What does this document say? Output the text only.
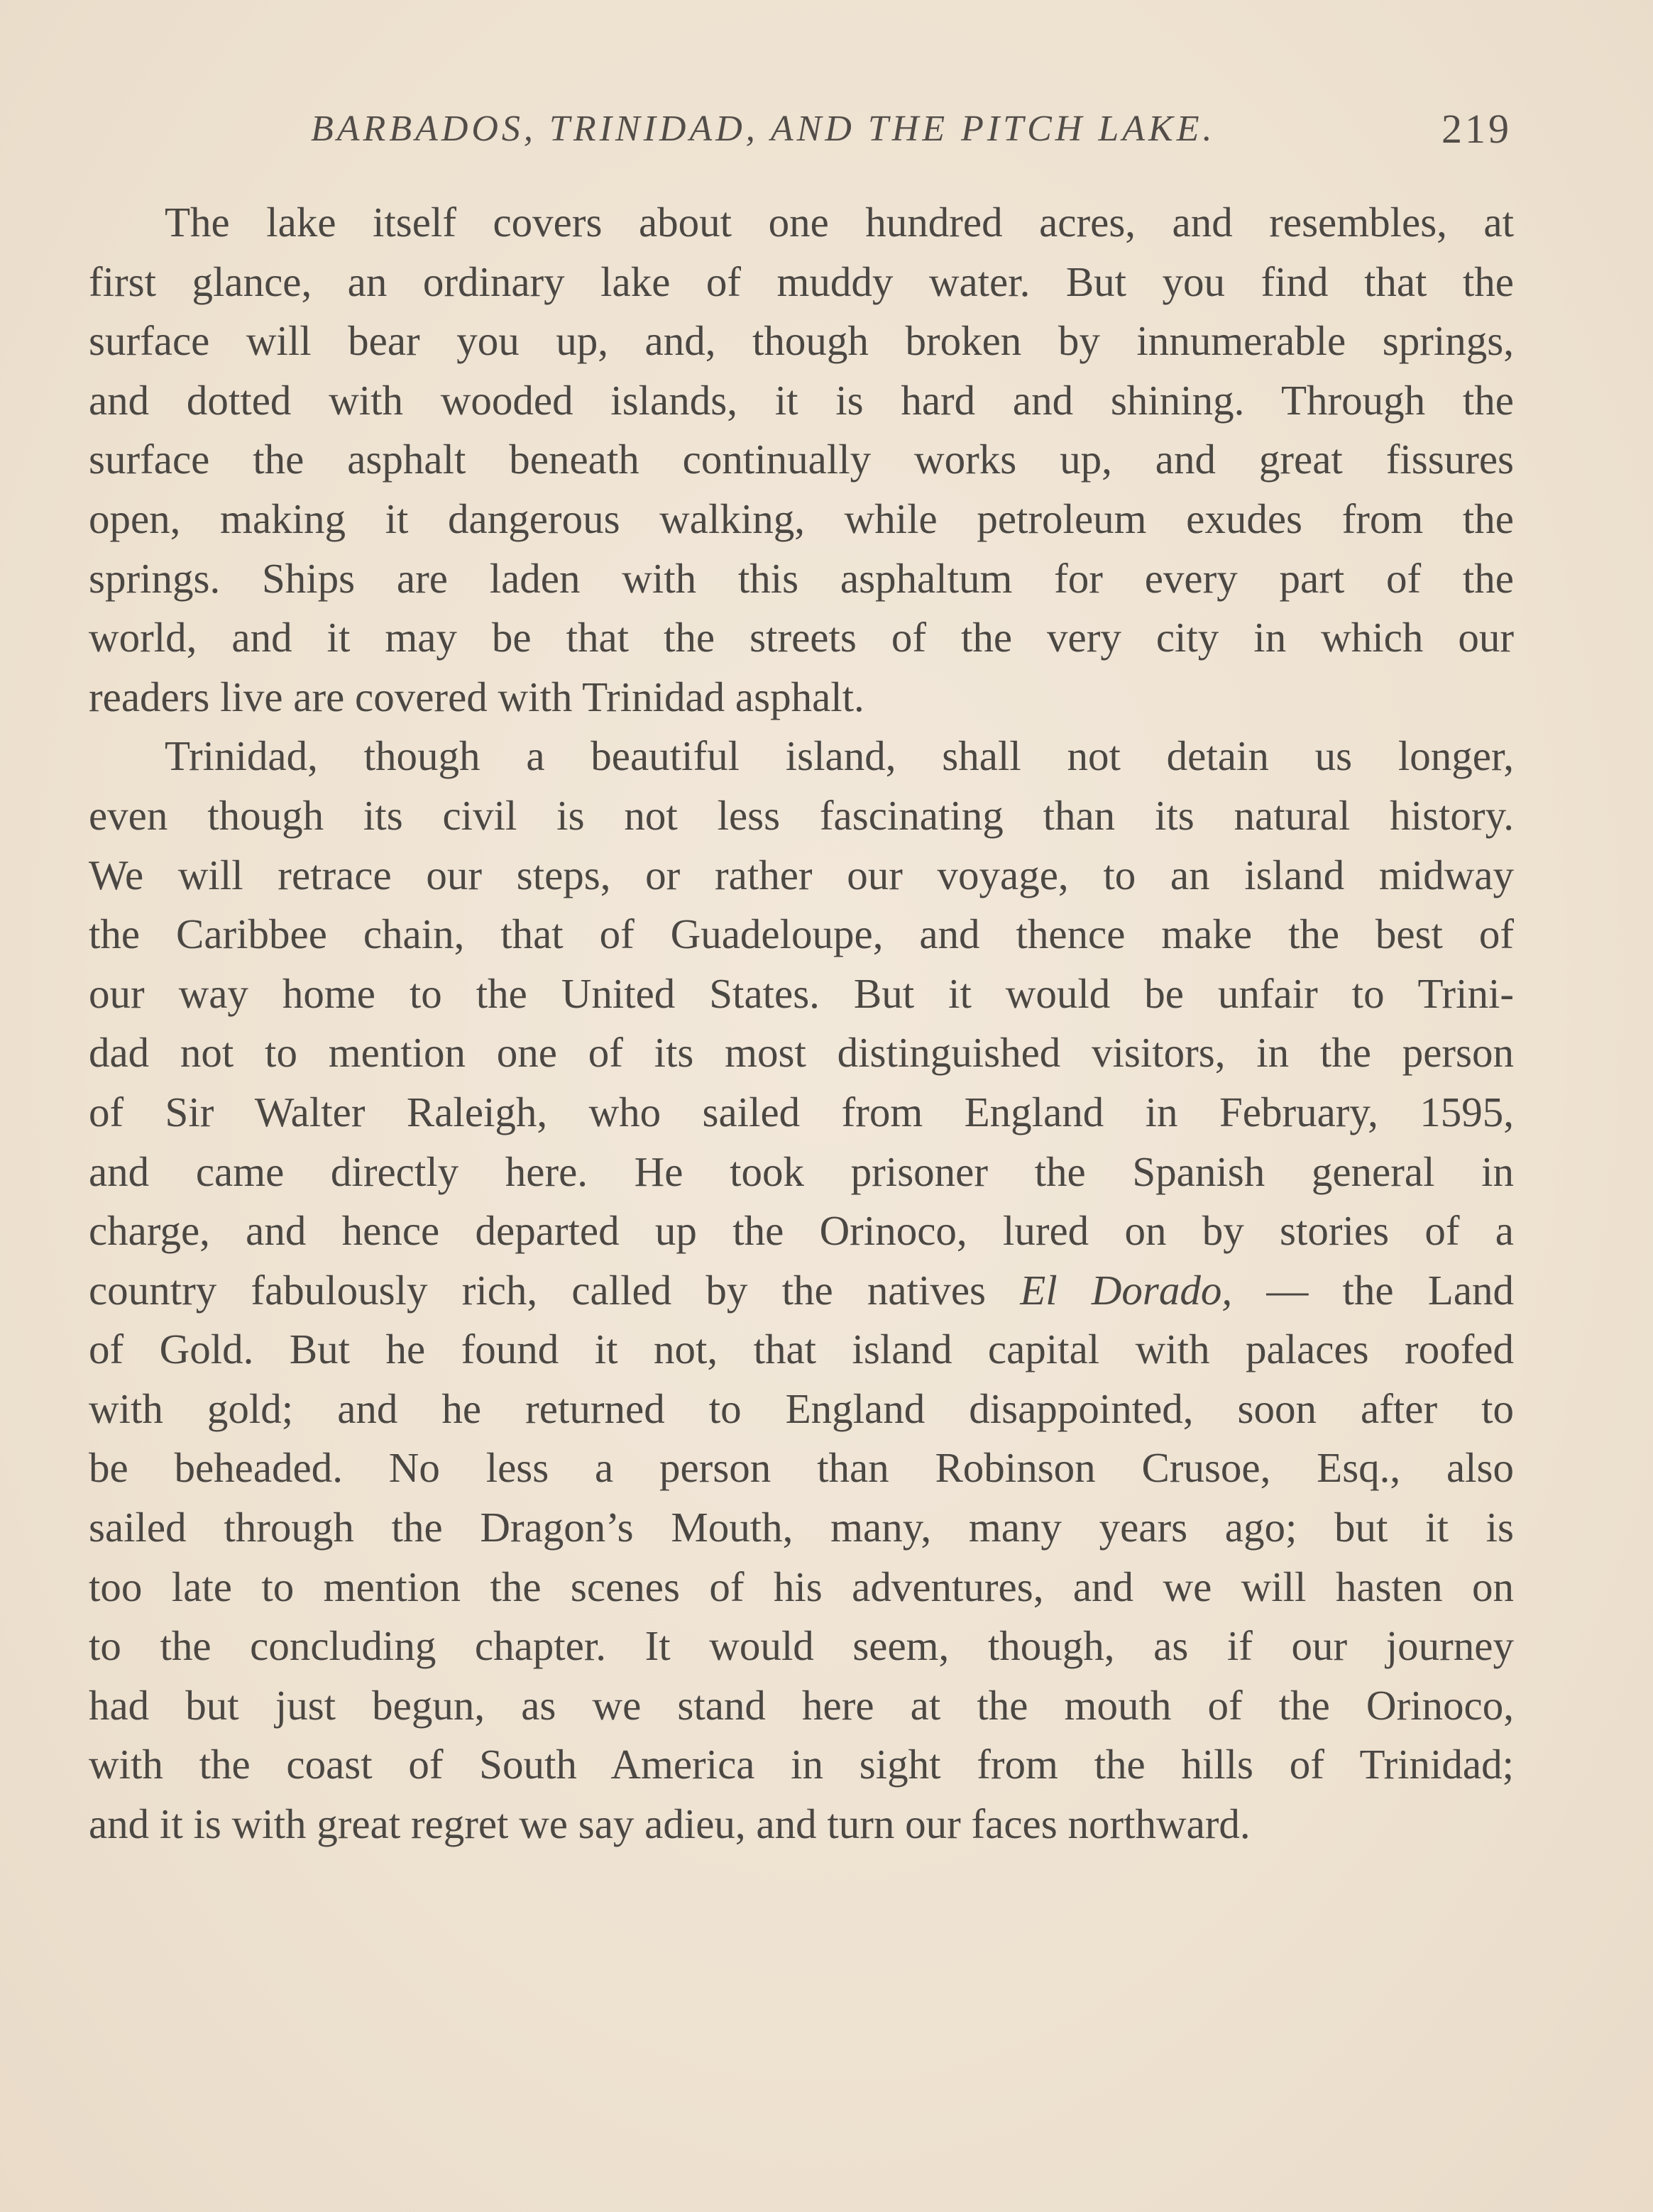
BARBADOS, TRINIDAD, AND THE PITCH LAKE.	219
The lake itself covers about one hundred acres, and resembles, at
first glance, an ordinary lake of muddy water. But you find that the
surface will bear you up, and, though broken by innumerable springs,
and dotted with wooded islands, it is hard and shining. Through the
surface the asphalt beneath continually works up, and great fissures
open, making it dangerous walking, while petroleum exudes from the
springs. Ships are laden with this asphaltum for every part of the
world, and it may be that the streets of the very city in which our
readers live are covered with Trinidad asphalt.
Trinidad, though a beautiful island, shall not detain us longer,
even though its civil is not less fascinating than its natural history.
We will retrace our steps, or rather our voyage, to an island midway
the Caribbee chain, that of Guadeloupe, and thence make the best of
our way home to the United States. But it would be unfair to Trini-
dad not to mention one of its most distinguished visitors, in the person
of Sir Walter Raleigh, who sailed from England in February, 1595,
and came directly here. He took prisoner the Spanish general in
charge, and hence departed up the Orinoco, lured on by stories of a
country fabulously rich, called by the natives El Dorado, — the Land
of Gold. But he found it not, that island capital with palaces roofed
with gold; and he returned to England disappointed, soon after to
be beheaded. No less a person than Robinson Crusoe, Esq., also
sailed through the Dragon’s Mouth, many, many years ago; but it is
too late to mention the scenes of his adventures, and we will hasten on
to the concluding chapter. It would seem, though, as if our journey
had but just begun, as we stand here at the mouth of the Orinoco,
with the coast of South America in sight from the hills of Trinidad;
and it is with great regret we say adieu, and turn our faces northward.
